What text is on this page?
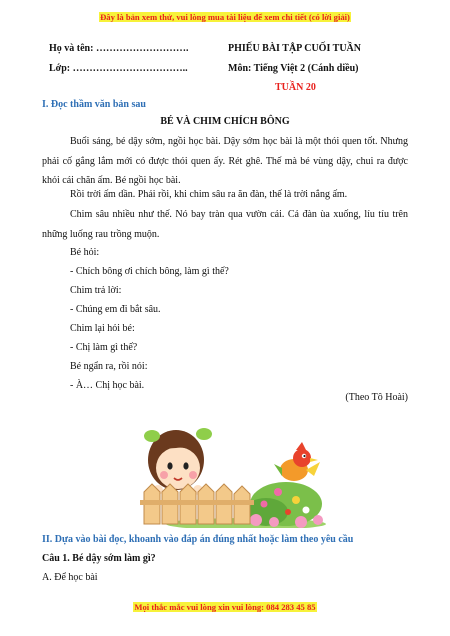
Đây là bản xem thử, vui lòng mua tài liệu để xem chi tiết (có lời giải)
Họ và tên: ……………………….
Lớp: ……………………………..
PHIẾU BÀI TẬP CUỐI TUẦN
Môn: Tiếng Việt 2 (Cánh diều)
TUẦN 20
I. Đọc thầm văn bản sau
BÉ VÀ CHIM CHÍCH BÔNG
Buổi sáng, bé dậy sớm, ngồi học bài. Dậy sớm học bài là một thói quen tốt. Nhưng phải cố gắng lắm mới có được thói quen ấy. Rét ghê. Thế mà bé vùng dậy, chui ra được khỏi cái chăn ấm. Bé ngồi học bài.
Rồi trời ấm dần. Phải rồi, khi chim sâu ra ăn đàn, thế là trời nắng ấm.
Chim sâu nhiều như thế. Nó bay tràn qua vườn cải. Cả đàn ùa xuống, líu tíu trên những luống rau trồng muộn.
Bé hỏi:
- Chích bông ơi chích bông, làm gì thế?
Chim trả lời:
- Chúng em đi bắt sâu.
Chim lại hỏi bé:
- Chị làm gì thế?
Bé ngẩn ra, rồi nói:
- À… Chị học bài.
(Theo Tô Hoài)
II. Dựa vào bài đọc, khoanh vào đáp án đúng nhất hoặc làm theo yêu cầu
Câu 1. Bé dậy sớm làm gì?
A. Để học bài
Mọi thắc mắc vui lòng xin vui lòng: 084 283 45 85
